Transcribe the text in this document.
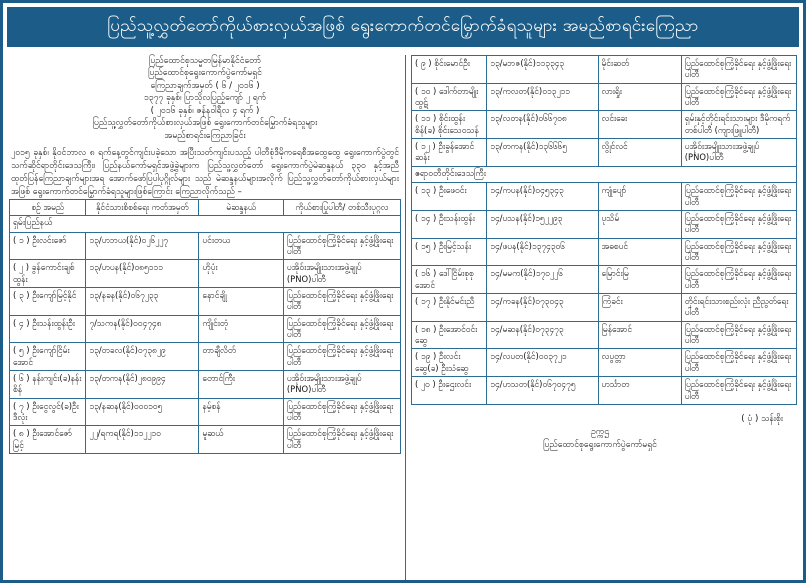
ပြည်သူ့လွှတ်တော်ကိုယ်စားလှယ်အဖြစ် ရွေးကောက်တင်မြှောက်ခံရသူများ အမည်စာရင်းကြေညာ
ပြည်ထောင်စုသမ္မတမြန်မာနိုင်ငံတော်
ပြည်ထောင်စုရွေးကောက်ပွဲကော်မရှင်
ကြေညာချက်အမှတ် ( ၆ / ၂၀၁၆ )
၁၃၇၇ ခုနှစ်၊ ပြာသိုလပြည့်ကျော် ၂ ရက်
( ၂၀၁၆ ခုနှစ်၊ ဇန်နဝါရီလ ၄ ရက် )
ပြည်သူ့လွှတ်တော်ကိုယ်စားလှယ်အဖြစ် ရွေးကောက်တင်မြှောက်ခံရသူများ
အမည်စာရင်းကြေညာခြင်း
၂၀၁၅ ခုနှစ်၊ နိုဝင်ဘာလ ၈ ရက်နေ့တွင်ကျင်းပခဲ့သော အပြီးသတ်ကျင်းပသည့် ပါတီစုံဒီမိုကရေစီအထွေထွေ ရွေးကောက်ပွဲတွင် သက်ဆိုင်ရာတိုင်းဒေသကြီး၊ ပြည်နယ်ကော်မရှင်အဖွဲ့ခွဲများက ပြည်သူ့လွှတ်တော် ရွေးကောက်ပွဲမဲဆန္ဒနယ် ၃၃၀ နှင့်အညီ ထုတ်ပြန်ကြေညာချက်များအရ အောက်ဖော်ပြပါပုဂ္ဂိုလ်များ သည် မဲဆန္ဒနယ်များအလိုက် ပြည်သူ့လွှတ်တော်ကိုယ်စားလှယ်များအဖြစ် ရွေးကောက်တင်မြှောက်ခံရသူများဖြစ်ကြောင်း ကြေညာလိုက်သည် –
စဉ် အမည်	နိုင်ငံသားစိစစ်ရေး ကတ်အမှတ်	မဲဆန္ဒနယ်	ကိုယ်စားပြုပါတီ/ တစ်သီးပုဂ္ဂလ
ရှမ်းပြည်နယ်			
( ၁ ) ဦးလင်းဇော်	၁၃/ဟဘယ(နိုင်)၀၂၆၂၂၇	ပင်းတယ	ပြည်ထောင်စုကြံ့ခိုင်ရေး နှင့်ဖွံ့ဖြိုးရေးပါတီ
( ၂ ) ခွန်ကောင်းချစ်ထွန်း	၁၃/ဟပန(နိုင်)၀၈၅၁၁၁	ဟိုပုံး	ပအိုဝ်းအမျိုးသားအဖွဲ့ချုပ် (PNO)ပါတီ
( ၃ ) ဦးကျော်မြင့်နိုင်	၁၃/နခန(နိုင်)၀၆၇၂၃၃	နောင်ချို	ပြည်ထောင်စုကြံ့ခိုင်ရေး နှင့်ဖွံ့ဖြိုးရေးပါတီ
( ၄ ) ဦးသန်းထွန်းဦး	၇/သကန(နိုင်)၀၀၄၇၄၈	ကျိုင်းတုံ	ပြည်ထောင်စုကြံ့ခိုင်ရေး နှင့်ဖွံ့ဖြိုးရေးပါတီ
( ၅ ) ဦးကျော်ငြိမ်းအောင်	၁၃/တခလ(နိုင်)၀၇၃၈၂၉	တာချီလိတ်	ပြည်ထောင်စုကြံ့ခိုင်ရေး နှင့်ဖွံ့ဖြိုးရေးပါတီ
( ၆ ) နန်းကျင်း(ခ)နန်းစိန်	၁၃/တကန(နိုင်)၂၈၀၉၉၄	တောင်ကြီး	ပအိုဝ်းအမျိုးသားအဖွဲ့ချုပ် (PNO)ပါတီ
( ၇ ) ဦးငွေလွင်(ခ)ဦးဒီလုံး	၁၃/နဆန(နိုင်)၀၀၀၁၀၅	နမ့်စန်	ပြည်ထောင်စုကြံ့ခိုင်ရေး နှင့်ဖွံ့ဖြိုးရေးပါတီ
( ၈ ) ဦးအောင်ဇော်မြင့်	၂၂/ရကရ(နိုင်)၁၁၂၂၁၀	မူဆယ်	ပြည်ထောင်စုကြံ့ခိုင်ရေး နှင့်ဖွံ့ဖြိုးရေးပါတီ
( ၉ ) စိုင်းမောင်ဦး	၁၃/မဘဇ(နိုင်)၁၁၃၃၄၃	မိုင်းဆတ်	ပြည်ထောင်စုကြံ့ခိုင်ရေး နှင့်ဖွံ့ဖြိုးရေးပါတီ
( ၁၀ ) ဒေါက်တာမျိုးထွဋ်	၁၃/ကလတ(နိုင်)၀၁၃၂၁၁	လားရှိုး	ပြည်ထောင်စုကြံ့ခိုင်ရေး နှင့်ဖွံ့ဖြိုးရေးပါတီ
( ၁၁ ) စိုင်းထွန်းစိန်(ခ) စိုင်းသေဝသန်	၁၃/လတန(နိုင်)၀၆၆၇၀၈	လင်းခေး	ရှမ်းနှင့်တိုင်းရင်းသားများ ဒီမိုကရက်တစ်ပါတီ (ကျားဖြူပါတီ)
( ၁၂ ) ဦးခွန်အောင်ဆန်း	၁၃/တကန(နိုင်)၁၃၆၆၆၅	လွိုင်လင်	ပအိုဝ်းအမျိုးသားအဖွဲ့ချုပ် (PNO)ပါတီ
ဧရာဝတီတိုင်းဒေသကြီး			
( ၁၃ ) ဦးဖေဝင်း	၁၄/ကပန(နိုင်)၀၄၅၃၄၃	ကျုံပျော်	ပြည်ထောင်စုကြံ့ခိုင်ရေး နှင့်ဖွံ့ဖြိုးရေးပါတီ
( ၁၄ ) ဦးသန်းထွန်း	၁၄/ပသန(နိုင်)၁၅၂၂၉၃	ပုသိမ်	ပြည်ထောင်စုကြံ့ခိုင်ရေး နှင့်ဖွံ့ဖြိုးရေးပါတီ
( ၁၅ ) ဦးမြင့်သန်း	၁၄/ဖပန(နိုင်)၁၃၇၄၃၀၆	အဓစပင်	ပြည်ထောင်စုကြံ့ခိုင်ရေး နှင့်ဖွံ့ဖြိုးရေးပါတီ
( ၁၆ ) ဒေါ်ငြိမ်းစုစုအောင်	၁၄/မမက(နိုင်)၁၇၀၂၂၆	မြောင်းမြ	ပြည်ထောင်စုကြံ့ခိုင်ရေး နှင့်ဖွံ့ဖြိုးရေးပါတီ
( ၁၇ ) ဦးနိုင်မင်းညီ	၁၄/ကခန(နိုင်)၀၇၃၀၄၃	ကြံခင်း	တိုင်းရင်းသားစည်းလုံး ညီညွတ်ရေးပါတီ
( ၁၈ ) ဦးအောင်ဝင်းဆွေ	၁၄/မဆန(နိုင်)၀၇၃၄၇၃	မြန်အောင်	ပြည်ထောင်စုကြံ့ခိုင်ရေး နှင့်ဖွံ့ဖြိုးရေးပါတီ
( ၁၉ ) ဦးလင်းဆွေ(ခ) ဦးသံဆွေ	၁၄/လပတ(နိုင်)၀၀၃၇၂၁	လပွတ္တာ	ပြည်ထောင်စုကြံ့ခိုင်ရေး နှင့်ဖွံ့ဖြိုးရေးပါတီ
( ၂၀ ) ဦးဌေးလင်း	၁၄/ဟသတ(နိုင်)၀၆၇၀၄၇၅	ဟင်္သာတ	ပြည်ထောင်စုကြံ့ခိုင်ရေး နှင့်ဖွံ့ဖြိုးရေးပါတီ
( ပုံ ) သန်းစိုး
ဥက္ကဌ
ပြည်ထောင်စုရွေးကောက်ပွဲကော်မရှင်
